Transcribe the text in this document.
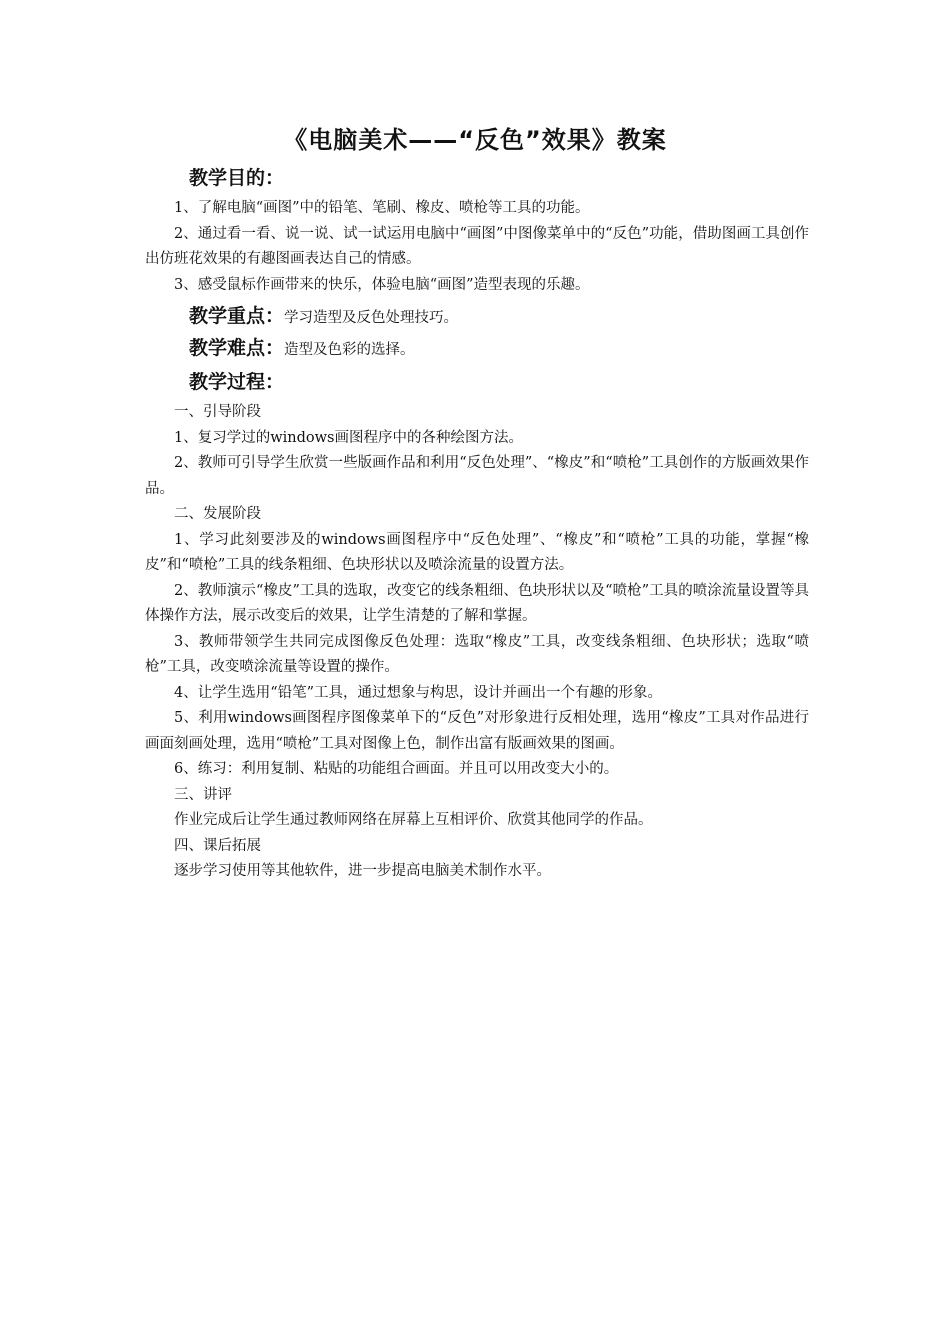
《电脑美术——“反色”效果》教案
教学目的：

1、了解电脑“画图”中的铅笔、笔刷、橡皮、喷枪等工具的功能。

2、通过看一看、说一说、试一试运用电脑中“画图”中图像菜单中的“反色”功能，借助图画工具创作出仿班花效果的有趣图画表达自己的情感。

3、感受鼠标作画带来的快乐，体验电脑“画图”造型表现的乐趣。

教学重点：学习造型及反色处理技巧。
教学难点：造型及色彩的选择。
教学过程：

一、引导阶段

1、复习学过的windows画图程序中的各种绘图方法。

2、教师可引导学生欣赏一些版画作品和利用“反色处理”、“橡皮”和“喷枪”工具创作的方版画效果作品。

二、发展阶段

1、学习此刻要涉及的windows画图程序中“反色处理”、“橡皮”和“喷枪”工具的功能，掌握“橡皮”和“喷枪”工具的线条粗细、色块形状以及喷涂流量的设置方法。

2、教师演示“橡皮”工具的选取，改变它的线条粗细、色块形状以及“喷枪”工具的喷涂流量设置等具体操作方法，展示改变后的效果，让学生清楚的了解和掌握。

3、教师带领学生共同完成图像反色处理：选取“橡皮”工具，改变线条粗细、色块形状；选取“喷枪”工具，改变喷涂流量等设置的操作。

4、让学生选用“铅笔”工具，通过想象与构思，设计并画出一个有趣的形象。

5、利用windows画图程序图像菜单下的“反色”对形象进行反相处理，选用“橡皮”工具对作品进行画面刻画处理，选用“喷枪”工具对图像上色，制作出富有版画效果的图画。

6、练习：利用复制、粘贴的功能组合画面。并且可以用改变大小的。

三、讲评

作业完成后让学生通过教师网络在屏幕上互相评价、欣赏其他同学的作品。

四、课后拓展

逐步学习使用等其他软件，进一步提高电脑美术制作水平。
